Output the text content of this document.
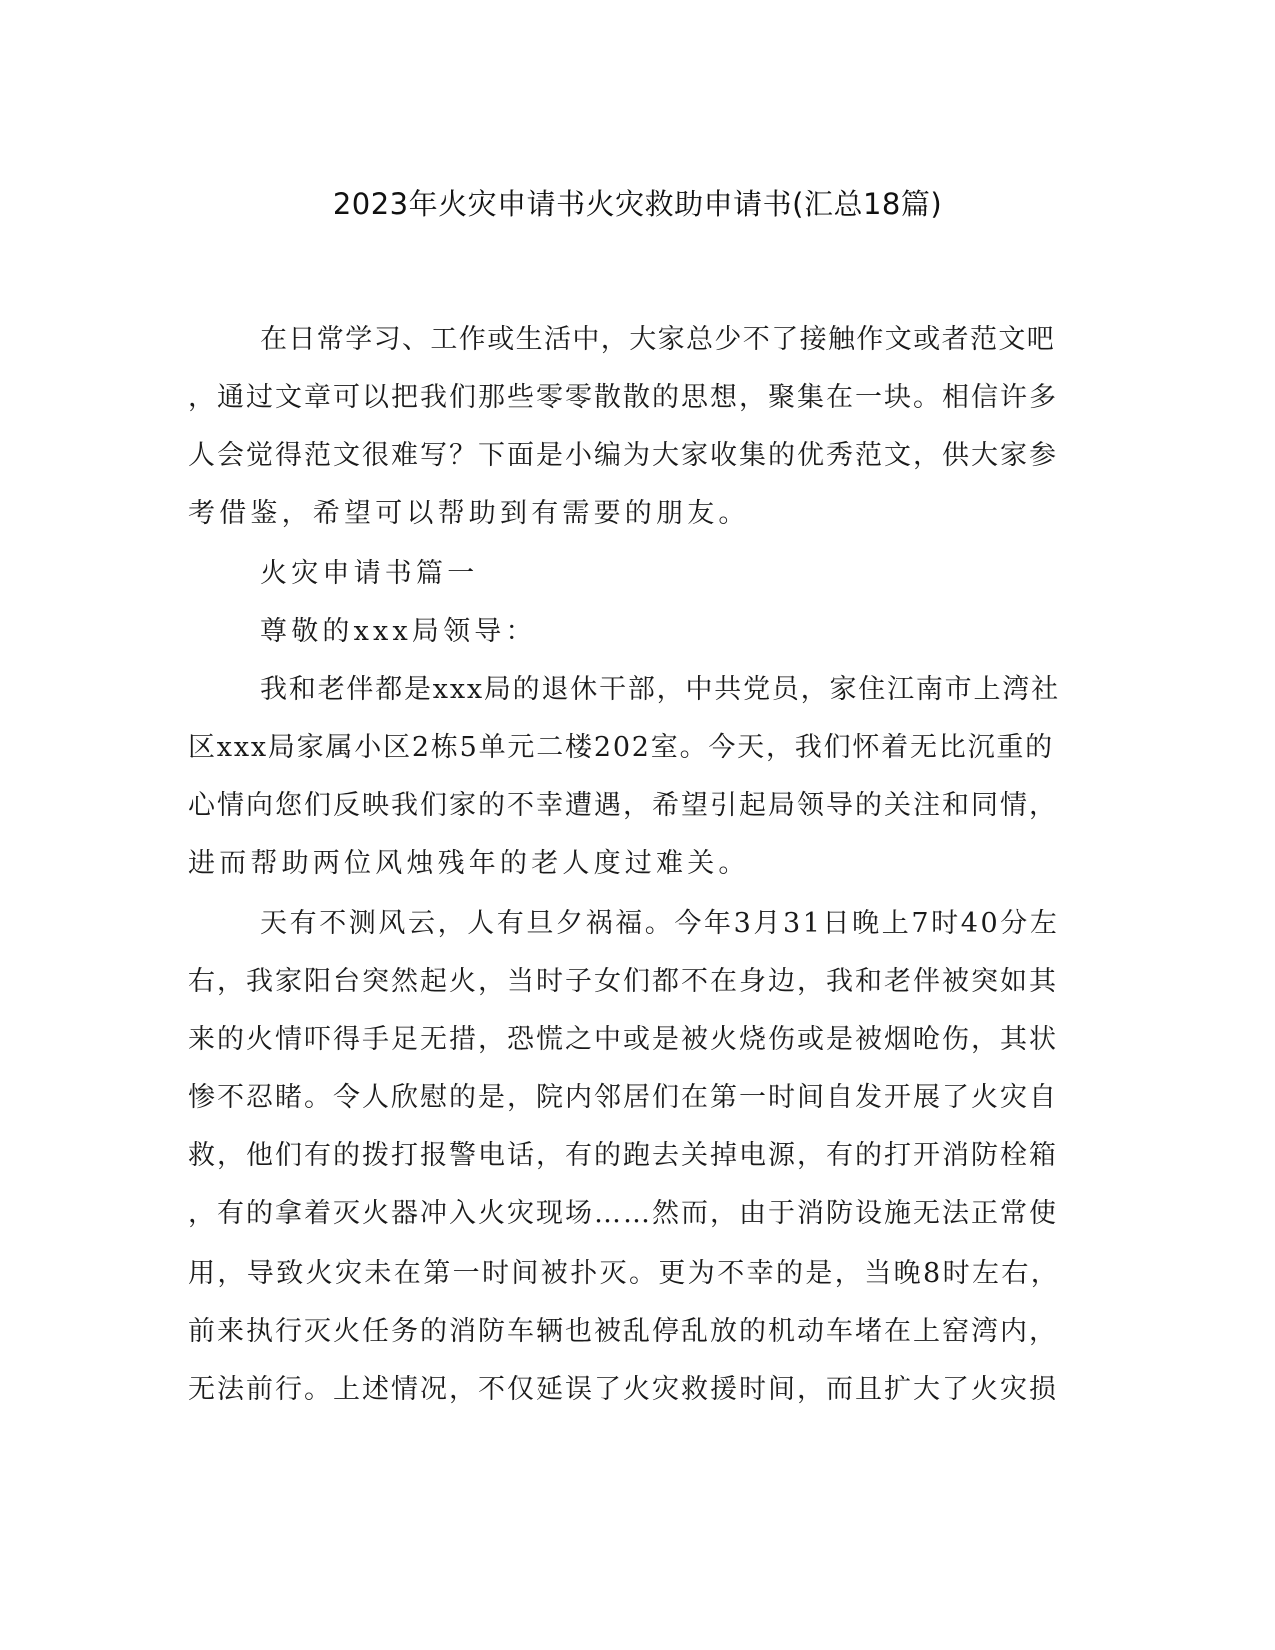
2023年火灾申请书火灾救助申请书(汇总18篇)
在日常学习、工作或生活中，大家总少不了接触作文或者范文吧
，通过文章可以把我们那些零零散散的思想，聚集在一块。相信许多
人会觉得范文很难写？下面是小编为大家收集的优秀范文，供大家参
考借鉴，希望可以帮助到有需要的朋友。
火灾申请书篇一
尊敬的xxx局领导：
我和老伴都是xxx局的退休干部，中共党员，家住江南市上湾社
区xxx局家属小区2栋5单元二楼202室。今天，我们怀着无比沉重的
心情向您们反映我们家的不幸遭遇，希望引起局领导的关注和同情，
进而帮助两位风烛残年的老人度过难关。
天有不测风云，人有旦夕祸福。今年3月31日晚上7时40分左
右，我家阳台突然起火，当时子女们都不在身边，我和老伴被突如其
来的火情吓得手足无措，恐慌之中或是被火烧伤或是被烟呛伤，其状
惨不忍睹。令人欣慰的是，院内邻居们在第一时间自发开展了火灾自
救，他们有的拨打报警电话，有的跑去关掉电源，有的打开消防栓箱
，有的拿着灭火器冲入火灾现场……然而，由于消防设施无法正常使
用，导致火灾未在第一时间被扑灭。更为不幸的是，当晚8时左右，
前来执行灭火任务的消防车辆也被乱停乱放的机动车堵在上窑湾内，
无法前行。上述情况，不仅延误了火灾救援时间，而且扩大了火灾损
